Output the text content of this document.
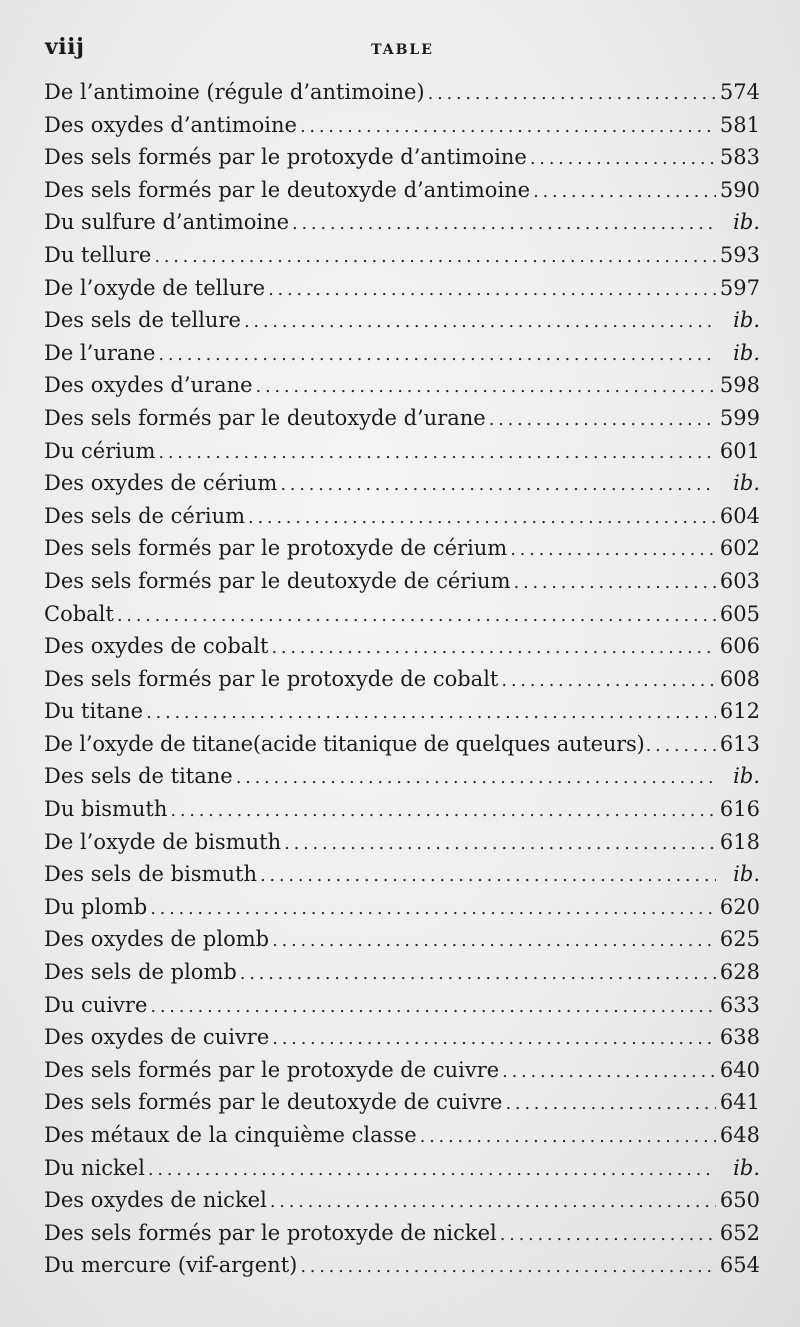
viij	TABLE
De l’antimoine (régule d’antimoine) . . .	574
Des oxydes d’antimoine . . .	581
Des sels formés par le protoxyde d’antimoine . . .	583
Des sels formés par le deutoxyde d’antimoine . . .	590
Du sulfure d’antimoine . . .	ib.
Du tellure . . .	593
De l’oxyde de tellure . . .	597
Des sels de tellure . . .	ib.
De l’urane . . .	ib.
Des oxydes d’urane . . .	598
Des sels formés par le deutoxyde d’urane . . .	599
Du cérium . . .	601
Des oxydes de cérium . . .	ib.
Des sels de cérium . . .	604
Des sels formés par le protoxyde de cérium . . .	602
Des sels formés par le deutoxyde de cérium . . .	603
Cobalt . . .	605
Des oxydes de cobalt . . .	606
Des sels formés par le protoxyde de cobalt . . .	608
Du titane . . .	612
De l’oxyde de titane(acide titanique de quelques auteurs) . . .	613
Des sels de titane . . .	ib.
Du bismuth . . .	616
De l’oxyde de bismuth . . .	618
Des sels de bismuth . . .	ib.
Du plomb . . .	620
Des oxydes de plomb . . .	625
Des sels de plomb . . .	628
Du cuivre . . .	633
Des oxydes de cuivre . . .	638
Des sels formés par le protoxyde de cuivre . . .	640
Des sels formés par le deutoxyde de cuivre . . .	641
Des métaux de la cinquième classe . . .	648
Du nickel . . .	ib.
Des oxydes de nickel . . .	650
Des sels formés par le protoxyde de nickel . . .	652
Du mercure (vif-argent) . . .	654
